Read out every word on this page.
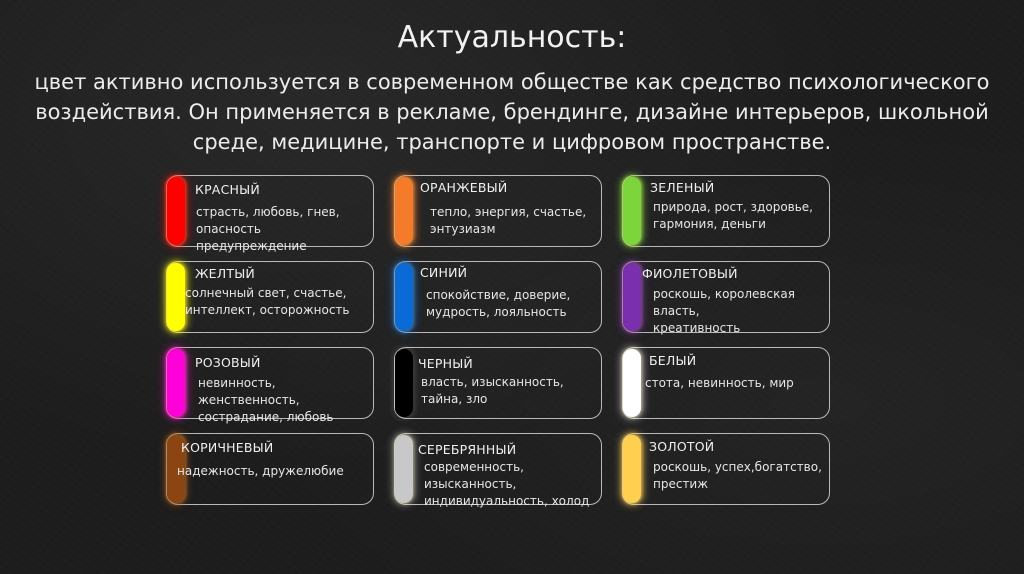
Актуальность:

цвет активно используется в современном обществе как средство психологического воздействия. Он применяется в рекламе, брендинге, дизайне интерьеров, школьной среде, медицине, транспорте и цифровом пространстве.

КРАСНЫЙ
страсть, любовь, гнев,
опасность
предупреждение
ОРАНЖЕВЫЙ
тепло, энергия, счастье,
энтузиазм
ЗЕЛЕНЫЙ
природа, рост, здоровье,
гармония, деньги
ЖЕЛТЫЙ
солнечный свет, счастье,
интеллект, осторожность
СИНИЙ
спокойствие, доверие,
мудрость, лояльность
ФИОЛЕТОВЫЙ
роскошь, королевская
власть,
креативность
РОЗОВЫЙ
невинность,
женственность,
сострадание, любовь
ЧЕРНЫЙ
власть, изысканность,
тайна, зло
БЕЛЫЙ
стота, невинность, мир
КОРИЧНЕВЫЙ
надежность, дружелюбие
СЕРЕБРЯННЫЙ
современность,
изысканность,
индивидуальность, холод
ЗОЛОТОЙ
роскошь, успех,богатство,
престиж
